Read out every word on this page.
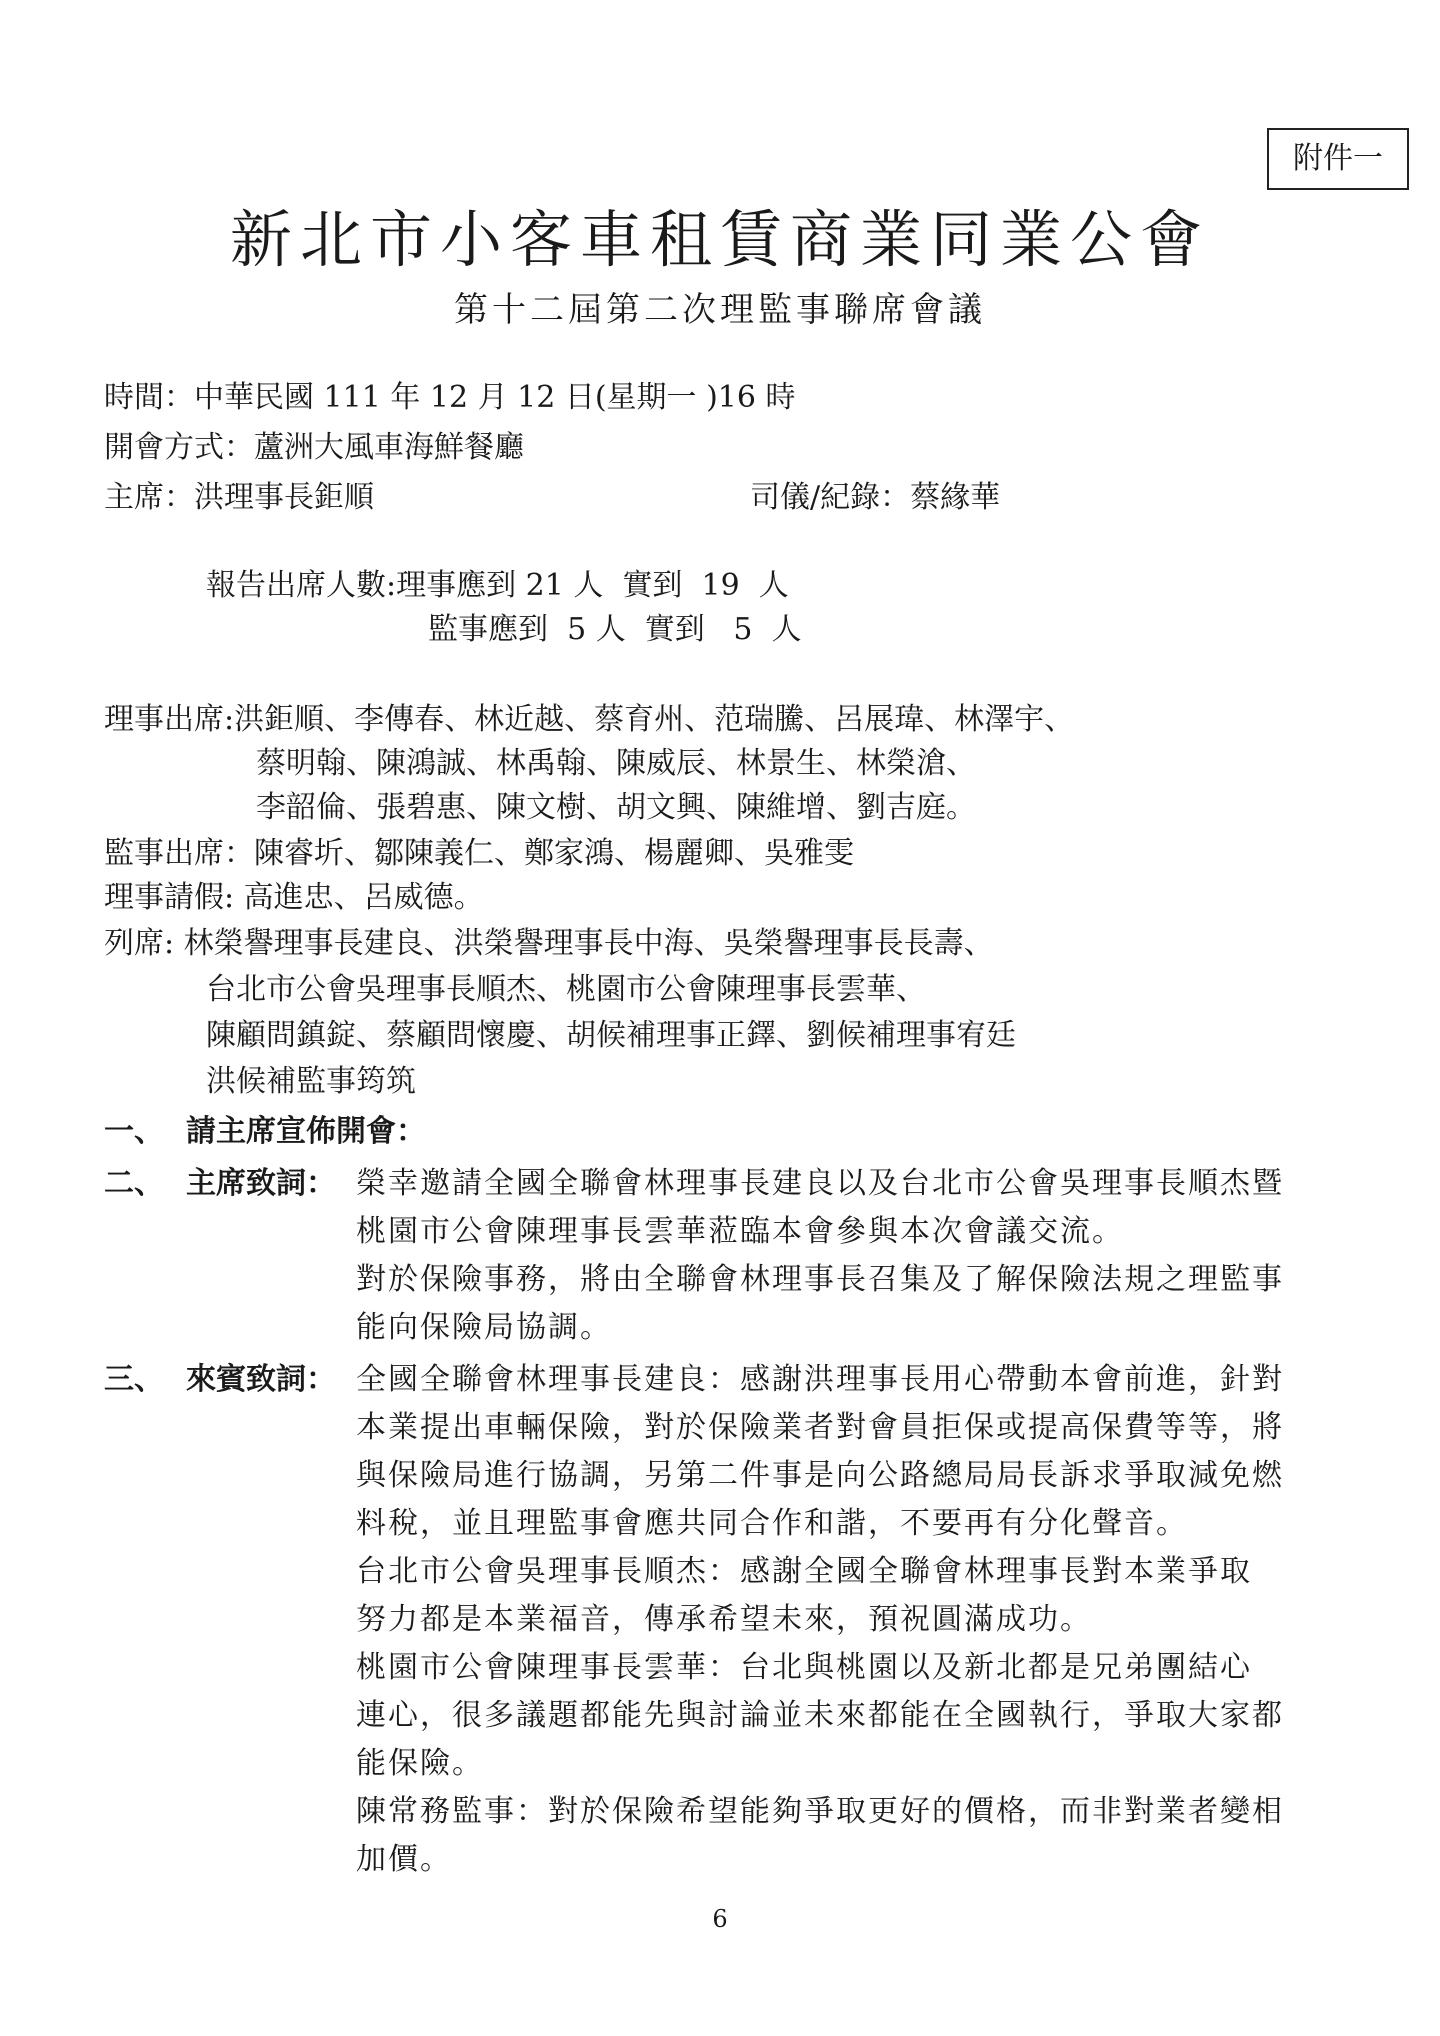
附件一
新北市小客車租賃商業同業公會
第十二屆第二次理監事聯席會議
時間：中華民國 111 年 12 月 12 日(星期一 )16 時
開會方式：蘆洲大風車海鮮餐廳
主席：洪理事長鉅順	司儀/紀錄：蔡緣華
報告出席人數:理事應到 21 人  實到  19  人
監事應到  5 人  實到   5  人
理事出席:洪鉅順、李傳春、林近越、蔡育州、范瑞騰、呂展瑋、林澤宇、
蔡明翰、陳鴻誠、林禹翰、陳威辰、林景生、林榮滄、
李韶倫、張碧惠、陳文樹、胡文興、陳維增、劉吉庭。
監事出席：陳睿圻、鄒陳義仁、鄭家鴻、楊麗卿、吳雅雯
理事請假: 高進忠、呂威德。
列席: 林榮譽理事長建良、洪榮譽理事長中海、吳榮譽理事長長壽、
台北市公會吳理事長順杰、桃園市公會陳理事長雲華、
陳顧問鎮錠、蔡顧問懷慶、胡候補理事正鐸、劉候補理事宥廷
洪候補監事筠筑
一、 請主席宣佈開會：
二、 主席致詞： 榮幸邀請全國全聯會林理事長建良以及台北市公會吳理事長順杰暨
桃園市公會陳理事長雲華蒞臨本會參與本次會議交流。
對於保險事務，將由全聯會林理事長召集及了解保險法規之理監事
能向保險局協調。
三、 來賓致詞： 全國全聯會林理事長建良：感謝洪理事長用心帶動本會前進，針對
本業提出車輛保險，對於保險業者對會員拒保或提高保費等等，將
與保險局進行協調，另第二件事是向公路總局局長訴求爭取減免燃
料稅，並且理監事會應共同合作和諧，不要再有分化聲音。
台北市公會吳理事長順杰：感謝全國全聯會林理事長對本業爭取
努力都是本業福音，傳承希望未來，預祝圓滿成功。
桃園市公會陳理事長雲華：台北與桃園以及新北都是兄弟團結心
連心，很多議題都能先與討論並未來都能在全國執行，爭取大家都
能保險。
陳常務監事：對於保險希望能夠爭取更好的價格，而非對業者變相
加價。
6
